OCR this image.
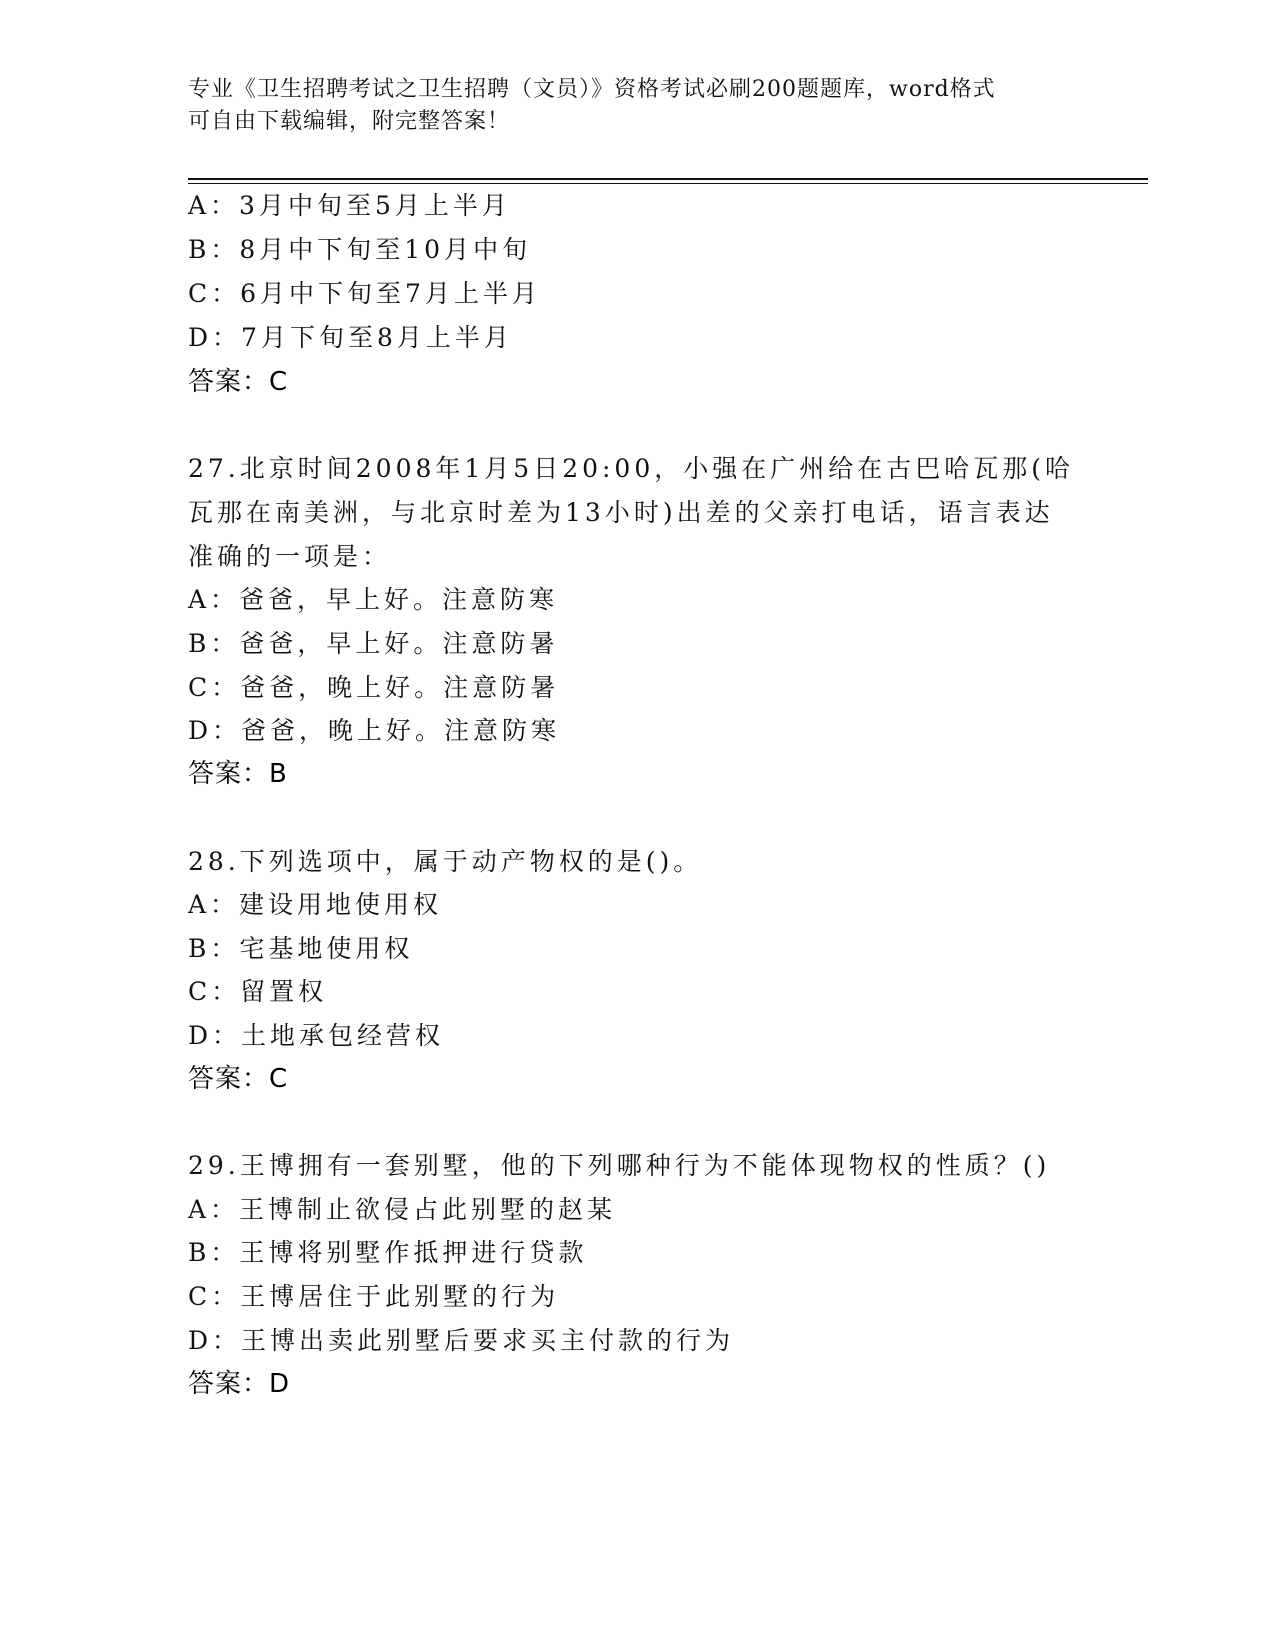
专业《卫生招聘考试之卫生招聘（文员）》资格考试必刷200题题库，word格式
可自由下载编辑，附完整答案！
A：3月中旬至5月上半月
B：8月中下旬至10月中旬
C：6月中下旬至7月上半月
D：7月下旬至8月上半月
答案：C
27.北京时间2008年1月5日20:00，小强在广州给在古巴哈瓦那(哈
瓦那在南美洲，与北京时差为13小时)出差的父亲打电话，语言表达
准确的一项是：
A：爸爸，早上好。注意防寒
B：爸爸，早上好。注意防暑
C：爸爸，晚上好。注意防暑
D：爸爸，晚上好。注意防寒
答案：B
28.下列选项中，属于动产物权的是()。
A：建设用地使用权
B：宅基地使用权
C：留置权
D：土地承包经营权
答案：C
29.王博拥有一套别墅，他的下列哪种行为不能体现物权的性质？()
A：王博制止欲侵占此别墅的赵某
B：王博将别墅作抵押进行贷款
C：王博居住于此别墅的行为
D：王博出卖此别墅后要求买主付款的行为
答案：D
